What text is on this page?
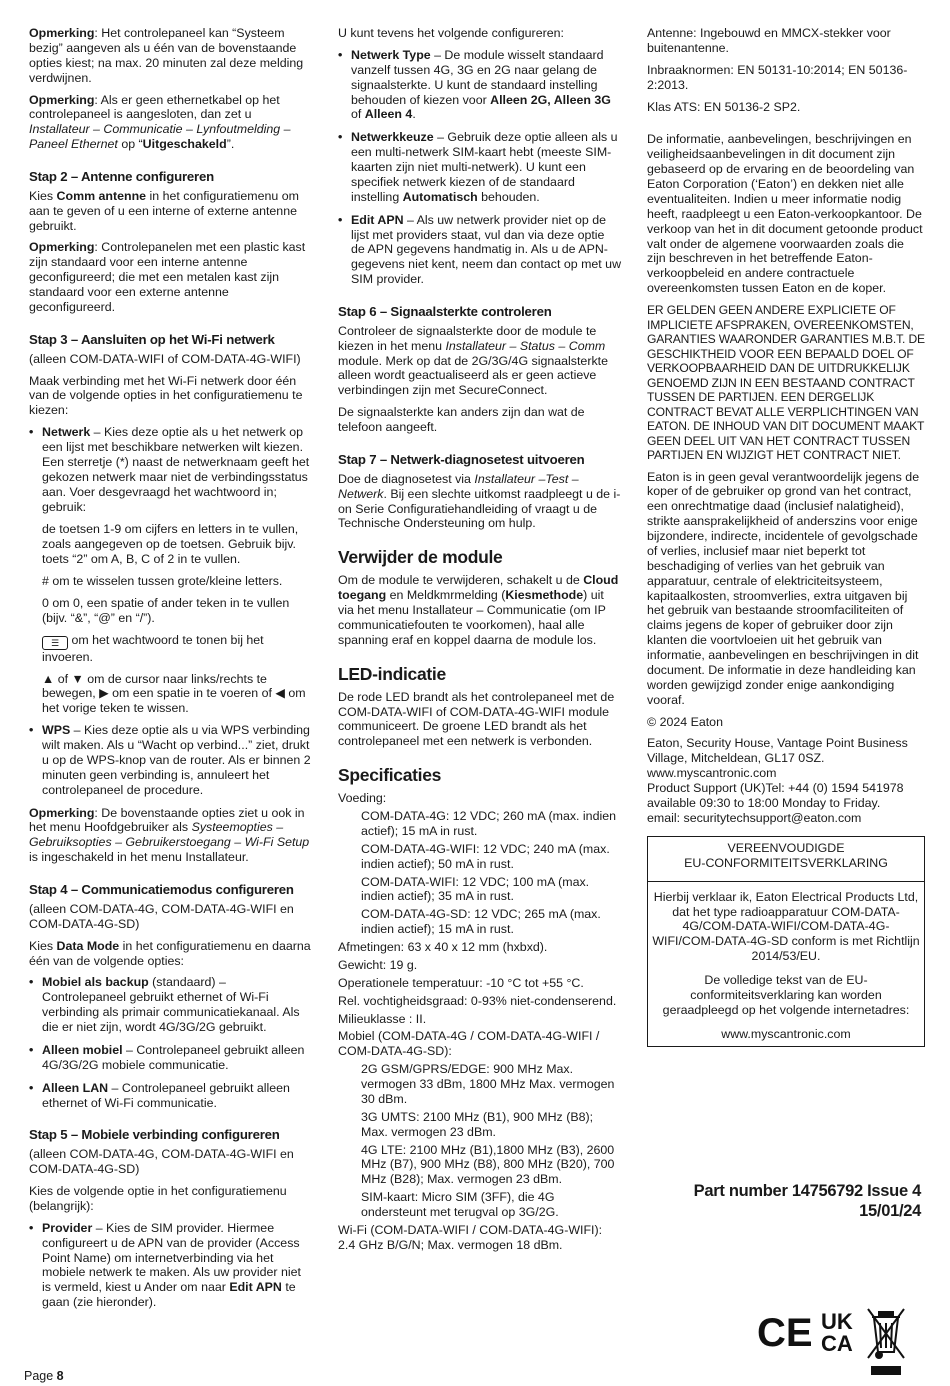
Opmerking: Het controlepaneel kan “Systeem bezig” aangeven als u één van de bovenstaande opties kiest; na max. 20 minuten zal deze melding verdwijnen.

Opmerking: Als er geen ethernetkabel op het controlepaneel is aangesloten, dan zet u Installateur – Communicatie – Lynfoutmelding – Paneel Ethernet op “Uitgeschakeld”.

Stap 2 – Antenne configureren

Kies Comm antenne in het configuratiemenu om aan te geven of u een interne of externe antenne gebruikt.

Opmerking: Controlepanelen met een plastic kast zijn standaard voor een interne antenne geconfigureerd; die met een metalen kast zijn standaard voor een externe antenne geconfigureerd.

Stap 3 – Aansluiten op het Wi-Fi netwerk

(alleen COM-DATA-WIFI of COM-DATA-4G-WIFI)

Maak verbinding met het Wi-Fi netwerk door één van de volgende opties in het configuratiemenu te kiezen:

• Netwerk – Kies deze optie als u het netwerk op een lijst met beschikbare netwerken wilt kiezen. Een sterretje (*) naast de netwerknaam geeft het gekozen netwerk maar niet de verbindingsstatus aan. Voer desgevraagd het wachtwoord in; gebruik:

de toetsen 1-9 om cijfers en letters in te vullen, zoals aangegeven op de toetsen. Gebruik bijv. toets “2” om A, B, C of 2 in te vullen.

# om te wisselen tussen grote/kleine letters.

0 om 0, een spatie of ander teken in te vullen (bijv. “&”, “@” en “/”).

☰ om het wachtwoord te tonen bij het invoeren.

▲ of ▼ om de cursor naar links/rechts te bewegen, ▶ om een spatie in te voeren of ◀ om het vorige teken te wissen.

• WPS – Kies deze optie als u via WPS verbinding wilt maken. Als u “Wacht op verbind...” ziet, drukt u op de WPS-knop van de router. Als er binnen 2 minuten geen verbinding is, annuleert het controlepaneel de procedure.

Opmerking: De bovenstaande opties ziet u ook in het menu Hoofdgebruiker als Systeemopties – Gebruiksopties – Gebruikerstoegang – Wi-Fi Setup is ingeschakeld in het menu Installateur.

Stap 4 – Communicatiemodus configureren

(alleen COM-DATA-4G, COM-DATA-4G-WIFI en COM-DATA-4G-SD)

Kies Data Mode in het configuratiemenu en daarna één van de volgende opties:

• Mobiel als backup (standaard) – Controlepaneel gebruikt ethernet of Wi-Fi verbinding als primair communicatiekanaal. Als die er niet zijn, wordt 4G/3G/2G gebruikt.
• Alleen mobiel – Controlepaneel gebruikt alleen 4G/3G/2G mobiele communicatie.
• Alleen LAN – Controlepaneel gebruikt alleen ethernet of Wi-Fi communicatie.
Stap 5 – Mobiele verbinding configureren

(alleen COM-DATA-4G, COM-DATA-4G-WIFI en COM-DATA-4G-SD)

Kies de volgende optie in het configuratiemenu (belangrijk):

• Provider – Kies de SIM provider. Hiermee configureert u de APN van de provider (Access Point Name) om internetverbinding via het mobiele netwerk te maken. Als uw provider niet is vermeld, kiest u Ander om naar Edit APN te gaan (zie hieronder).

U kunt tevens het volgende configureren:

• Netwerk Type – De module wisselt standaard vanzelf tussen 4G, 3G en 2G naar gelang de signaalsterkte. U kunt de standaard instelling behouden of kiezen voor Alleen 2G, Alleen 3G of Alleen 4.
• Netwerkkeuze – Gebruik deze optie alleen als u een multi-netwerk SIM-kaart hebt (meeste SIM-kaarten zijn niet multi-netwerk). U kunt een specifiek netwerk kiezen of de standaard instelling Automatisch behouden.
• Edit APN – Als uw netwerk provider niet op de lijst met providers staat, vul dan via deze optie de APN gegevens handmatig in. Als u de APN-gegevens niet kent, neem dan contact op met uw SIM provider.
Stap 6 – Signaalsterkte controleren

Controleer de signaalsterkte door de module te kiezen in het menu Installateur – Status – Comm module. Merk op dat de 2G/3G/4G signaalsterkte alleen wordt geactualiseerd als er geen actieve verbindingen zijn met SecureConnect.

De signaalsterkte kan anders zijn dan wat de telefoon aangeeft.

Stap 7 – Netwerk-diagnosetest uitvoeren

Doe de diagnosetest via Installateur –Test – Netwerk. Bij een slechte uitkomst raadpleegt u de i-on Serie Configuratiehandleiding of vraagt u de Technische Ondersteuning om hulp.

Verwijder de module

Om de module te verwijderen, schakelt u de Cloud toegang en Meldkmrmelding (Kiesmethode) uit via het menu Installateur – Communicatie (om IP communicatiefouten te voorkomen), haal alle spanning eraf en koppel daarna de module los.

LED-indicatie

De rode LED brandt als het controlepaneel met de COM-DATA-WIFI of COM-DATA-4G-WIFI module communiceert. De groene LED brandt als het controlepaneel met een netwerk is verbonden.

Specificaties

Voeding:

COM-DATA-4G: 12 VDC; 260 mA (max. indien actief); 15 mA in rust.

COM-DATA-4G-WIFI: 12 VDC; 240 mA (max. indien actief); 50 mA in rust.

COM-DATA-WIFI: 12 VDC; 100 mA (max. indien actief); 35 mA in rust.

COM-DATA-4G-SD: 12 VDC; 265 mA (max. indien actief); 15 mA in rust.

Afmetingen: 63 x 40 x 12 mm (hxbxd).

Gewicht: 19 g.

Operationele temperatuur: -10 °C tot +55 °C.

Rel. vochtigheidsgraad: 0-93% niet-condenserend.

Milieuklasse : II.

Mobiel (COM-DATA-4G / COM-DATA-4G-WIFI / COM-DATA-4G-SD):

2G GSM/GPRS/EDGE: 900 MHz Max. vermogen 33 dBm, 1800 MHz Max. vermogen 30 dBm.

3G UMTS: 2100 MHz (B1), 900 MHz (B8); Max. vermogen 23 dBm.

4G LTE: 2100 MHz (B1),1800 MHz (B3), 2600 MHz (B7), 900 MHz (B8), 800 MHz (B20), 700 MHz (B28); Max. vermogen 23 dBm.

SIM-kaart: Micro SIM (3FF), die 4G ondersteunt met terugval op 3G/2G.

Wi-Fi (COM-DATA-WIFI / COM-DATA-4G-WIFI): 2.4 GHz B/G/N; Max. vermogen 18 dBm.

Antenne: Ingebouwd en MMCX-stekker voor buitenantenne.

Inbraaknormen: EN 50131-10:2014; EN 50136-2:2013.

Klas ATS: EN 50136-2 SP2.

De informatie, aanbevelingen, beschrijvingen en veiligheidsaanbevelingen in dit document zijn gebaseerd op de ervaring en de beoordeling van Eaton Corporation (‘Eaton’) en dekken niet alle eventualiteiten. Indien u meer informatie nodig heeft, raadpleegt u een Eaton-verkoopkantoor. De verkoop van het in dit document getoonde product valt onder de algemene voorwaarden zoals die zijn beschreven in het betreffende Eaton-verkoopbeleid en andere contractuele overeenkomsten tussen Eaton en de koper.

ER GELDEN GEEN ANDERE EXPLICIETE OF IMPLICIETE AFSPRAKEN, OVEREENKOMSTEN, GARANTIES WAARONDER GARANTIES M.B.T. DE GESCHIKTHEID VOOR EEN BEPAALD DOEL OF VERKOOPBAARHEID DAN DE UITDRUKKELIJK GENOEMD ZIJN IN EEN BESTAAND CONTRACT TUSSEN DE PARTIJEN. EEN DERGELIJK CONTRACT BEVAT ALLE VERPLICHTINGEN VAN EATON. DE INHOUD VAN DIT DOCUMENT MAAKT GEEN DEEL UIT VAN HET CONTRACT TUSSEN PARTIJEN EN WIJZIGT HET CONTRACT NIET.

Eaton is in geen geval verantwoordelijk jegens de koper of de gebruiker op grond van het contract, een onrechtmatige daad (inclusief nalatigheid), strikte aansprakelijkheid of anderszins voor enige bijzondere, indirecte, incidentele of gevolgschade of verlies, inclusief maar niet beperkt tot beschadiging of verlies van het gebruik van apparatuur, centrale of elektriciteitsysteem, kapitaalkosten, stroomverlies, extra uitgaven bij het gebruik van bestaande stroomfaciliteiten of claims jegens de koper of gebruiker door zijn klanten die voortvloeien uit het gebruik van informatie, aanbevelingen en beschrijvingen in dit document. De informatie in deze handleiding kan worden gewijzigd zonder enige aankondiging vooraf.

© 2024 Eaton

Eaton, Security House, Vantage Point Business Village, Mitcheldean, GL17 0SZ.
www.myscantronic.com
Product Support (UK)Tel: +44 (0) 1594 541978 available 09:30 to 18:00 Monday to Friday.
email: securitytechsupport@eaton.com

VEREENVOUDIGDE
EU-CONFORMITEITSVERKLARING

Hierbij verklaar ik, Eaton Electrical Products Ltd, dat het type radioapparatuur COM-DATA-4G/COM-DATA-WIFI/COM-DATA-4G-WIFI/COM-DATA-4G-SD conform is met Richtlijn 2014/53/EU.

De volledige tekst van de EU-conformiteitsverklaring kan worden geraadpleegd op het volgende internetadres:

www.myscantronic.com

Part number 14756792 Issue 4
15/01/24
Page 8
CE UK
CA
